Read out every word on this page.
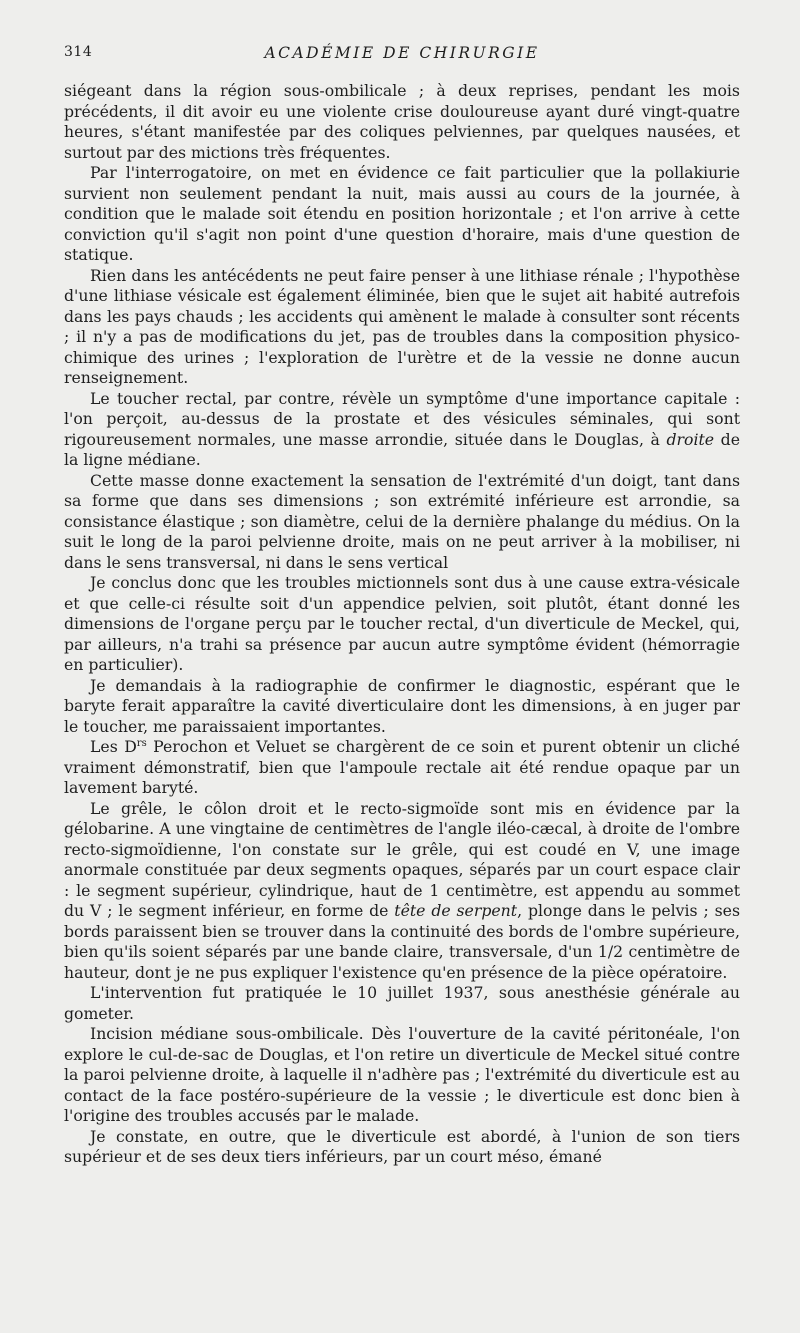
314	ACADÉMIE DE CHIRURGIE

siégeant dans la région sous-ombilicale ; à deux reprises, pendant les mois précédents, il dit avoir eu une violente crise douloureuse ayant duré vingt-quatre heures, s'étant manifestée par des coliques pelviennes, par quelques nausées, et surtout par des mictions très fréquentes.

Par l'interrogatoire, on met en évidence ce fait particulier que la pollakiurie survient non seulement pendant la nuit, mais aussi au cours de la journée, à condition que le malade soit étendu en position horizontale ; et l'on arrive à cette conviction qu'il s'agit non point d'une question d'horaire, mais d'une question de statique.

Rien dans les antécédents ne peut faire penser à une lithiase rénale ; l'hypothèse d'une lithiase vésicale est également éliminée, bien que le sujet ait habité autrefois dans les pays chauds ; les accidents qui amènent le malade à consulter sont récents ; il n'y a pas de modifications du jet, pas de troubles dans la composition physico-chimique des urines ; l'exploration de l'urètre et de la vessie ne donne aucun renseignement.

Le toucher rectal, par contre, révèle un symptôme d'une importance capitale : l'on perçoit, au-dessus de la prostate et des vésicules séminales, qui sont rigoureusement normales, une masse arrondie, située dans le Douglas, à droite de la ligne médiane.

Cette masse donne exactement la sensation de l'extrémité d'un doigt, tant dans sa forme que dans ses dimensions ; son extrémité inférieure est arrondie, sa consistance élastique ; son diamètre, celui de la dernière phalange du médius. On la suit le long de la paroi pelvienne droite, mais on ne peut arriver à la mobiliser, ni dans le sens transversal, ni dans le sens vertical

Je conclus donc que les troubles mictionnels sont dus à une cause extra-vésicale et que celle-ci résulte soit d'un appendice pelvien, soit plutôt, étant donné les dimensions de l'organe perçu par le toucher rectal, d'un diverticule de Meckel, qui, par ailleurs, n'a trahi sa présence par aucun autre symptôme évident (hémorragie en particulier).

Je demandais à la radiographie de confirmer le diagnostic, espérant que le baryte ferait apparaître la cavité diverticulaire dont les dimensions, à en juger par le toucher, me paraissaient importantes.

Les $D^{rs}$ Perochon et Veluet se chargèrent de ce soin et purent obtenir un cliché vraiment démonstratif, bien que l'ampoule rectale ait été rendue opaque par un lavement baryté.

Le grêle, le côlon droit et le recto-sigmoïde sont mis en évidence par la gélobarine. A une vingtaine de centimètres de l'angle iléo-cæcal, à droite de l'ombre recto-sigmoïdienne, l'on constate sur le grêle, qui est coudé en V, une image anormale constituée par deux segments opaques, séparés par un court espace clair : le segment supérieur, cylindrique, haut de 1 centimètre, est appendu au sommet du V ; le segment inférieur, en forme de tête de serpent, plonge dans le pelvis ; ses bords paraissent bien se trouver dans la continuité des bords de l'ombre supérieure, bien qu'ils soient séparés par une bande claire, transversale, d'un 1/2 centimètre de hauteur, dont je ne pus expliquer l'existence qu'en présence de la pièce opératoire.

L'intervention fut pratiquée le 10 juillet 1937, sous anesthésie générale au gometer.

Incision médiane sous-ombilicale. Dès l'ouverture de la cavité péritonéale, l'on explore le cul-de-sac de Douglas, et l'on retire un diverticule de Meckel situé contre la paroi pelvienne droite, à laquelle il n'adhère pas ; l'extrémité du diverticule est au contact de la face postéro-supérieure de la vessie ; le diverticule est donc bien à l'origine des troubles accusés par le malade.

Je constate, en outre, que le diverticule est abordé, à l'union de son tiers supérieur et de ses deux tiers inférieurs, par un court méso, émané
